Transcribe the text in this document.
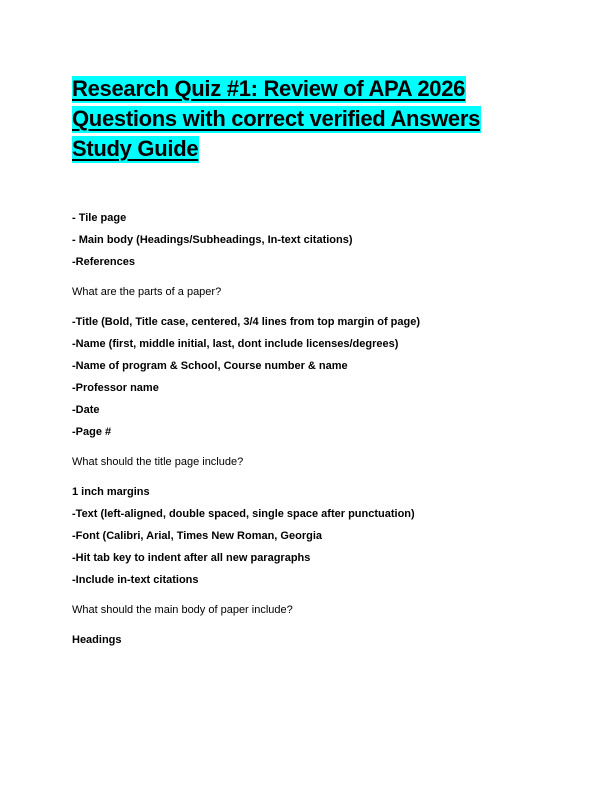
Research Quiz #1: Review of APA 2026

Questions with correct verified Answers

Study Guide

- Tile page
- Main body (Headings/Subheadings, In-text citations)
-References
What are the parts of a paper?
-Title (Bold, Title case, centered, 3/4 lines from top margin of page)
-Name (first, middle initial, last, dont include licenses/degrees)
-Name of program & School, Course number & name
-Professor name
-Date
-Page #
What should the title page include?
1 inch margins
-Text (left-aligned, double spaced, single space after punctuation)
-Font (Calibri, Arial, Times New Roman, Georgia
-Hit tab key to indent after all new paragraphs
-Include in-text citations
What should the main body of paper include?
Headings
